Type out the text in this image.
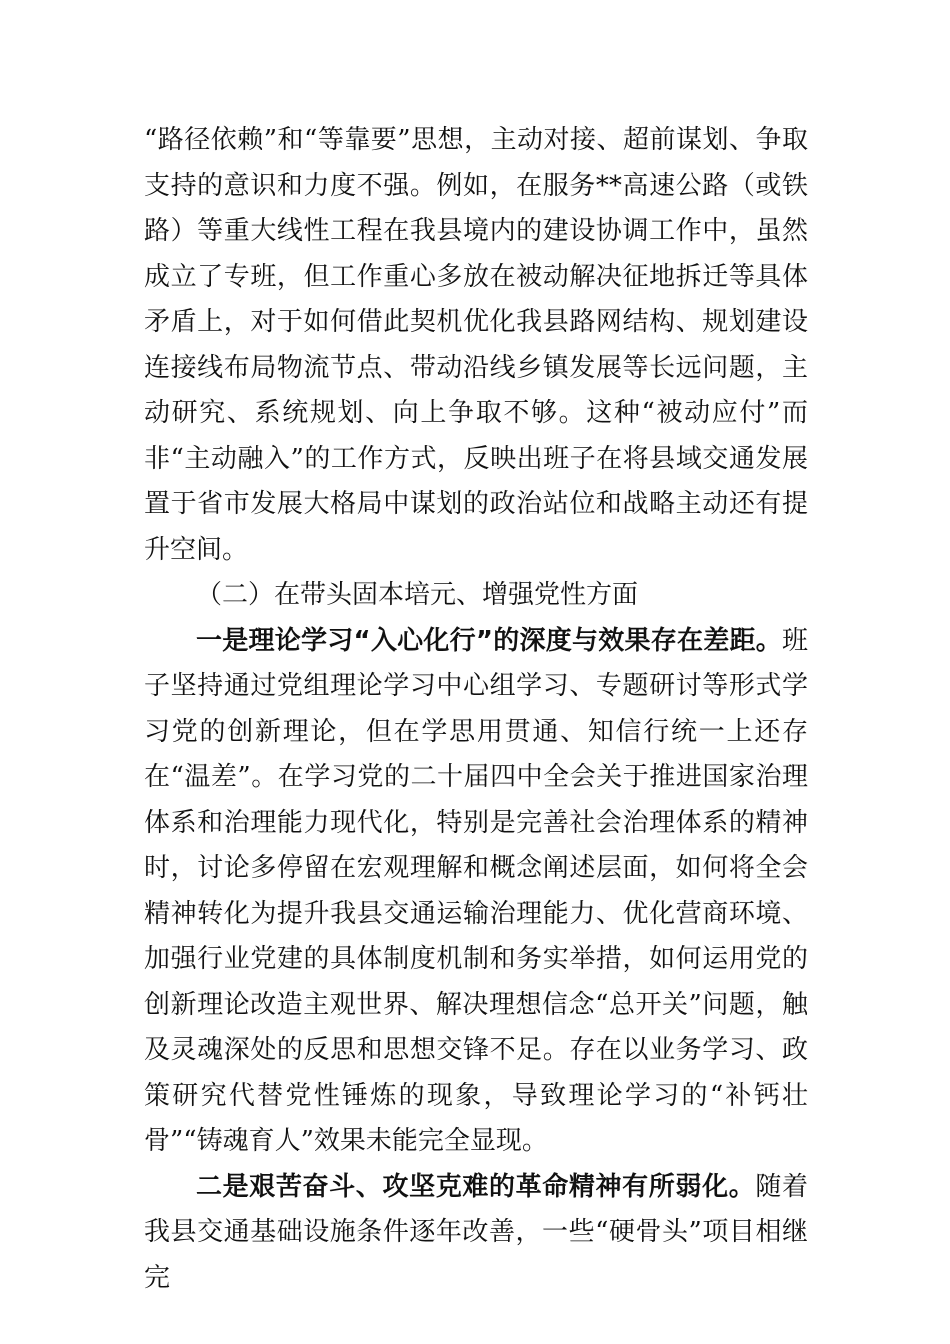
“路径依赖”和“等靠要”思想，主动对接、超前谋划、争取支持的意识和力度不强。例如，在服务**高速公路（或铁路）等重大线性工程在我县境内的建设协调工作中，虽然成立了专班，但工作重心多放在被动解决征地拆迁等具体矛盾上，对于如何借此契机优化我县路网结构、规划建设连接线布局物流节点、带动沿线乡镇发展等长远问题，主动研究、系统规划、向上争取不够。这种“被动应付”而非“主动融入”的工作方式，反映出班子在将县域交通发展置于省市发展大格局中谋划的政治站位和战略主动还有提升空间。

（二）在带头固本培元、增强党性方面

一是理论学习“入心化行”的深度与效果存在差距。班子坚持通过党组理论学习中心组学习、专题研讨等形式学习党的创新理论，但在学思用贯通、知信行统一上还存在“温差”。在学习党的二十届四中全会关于推进国家治理体系和治理能力现代化，特别是完善社会治理体系的精神时，讨论多停留在宏观理解和概念阐述层面，如何将全会精神转化为提升我县交通运输治理能力、优化营商环境、加强行业党建的具体制度机制和务实举措，如何运用党的创新理论改造主观世界、解决理想信念“总开关”问题，触及灵魂深处的反思和思想交锋不足。存在以业务学习、政策研究代替党性锤炼的现象，导致理论学习的“补钙壮骨”“铸魂育人”效果未能完全显现。

二是艰苦奋斗、攻坚克难的革命精神有所弱化。随着我县交通基础设施条件逐年改善，一些“硬骨头”项目相继完
